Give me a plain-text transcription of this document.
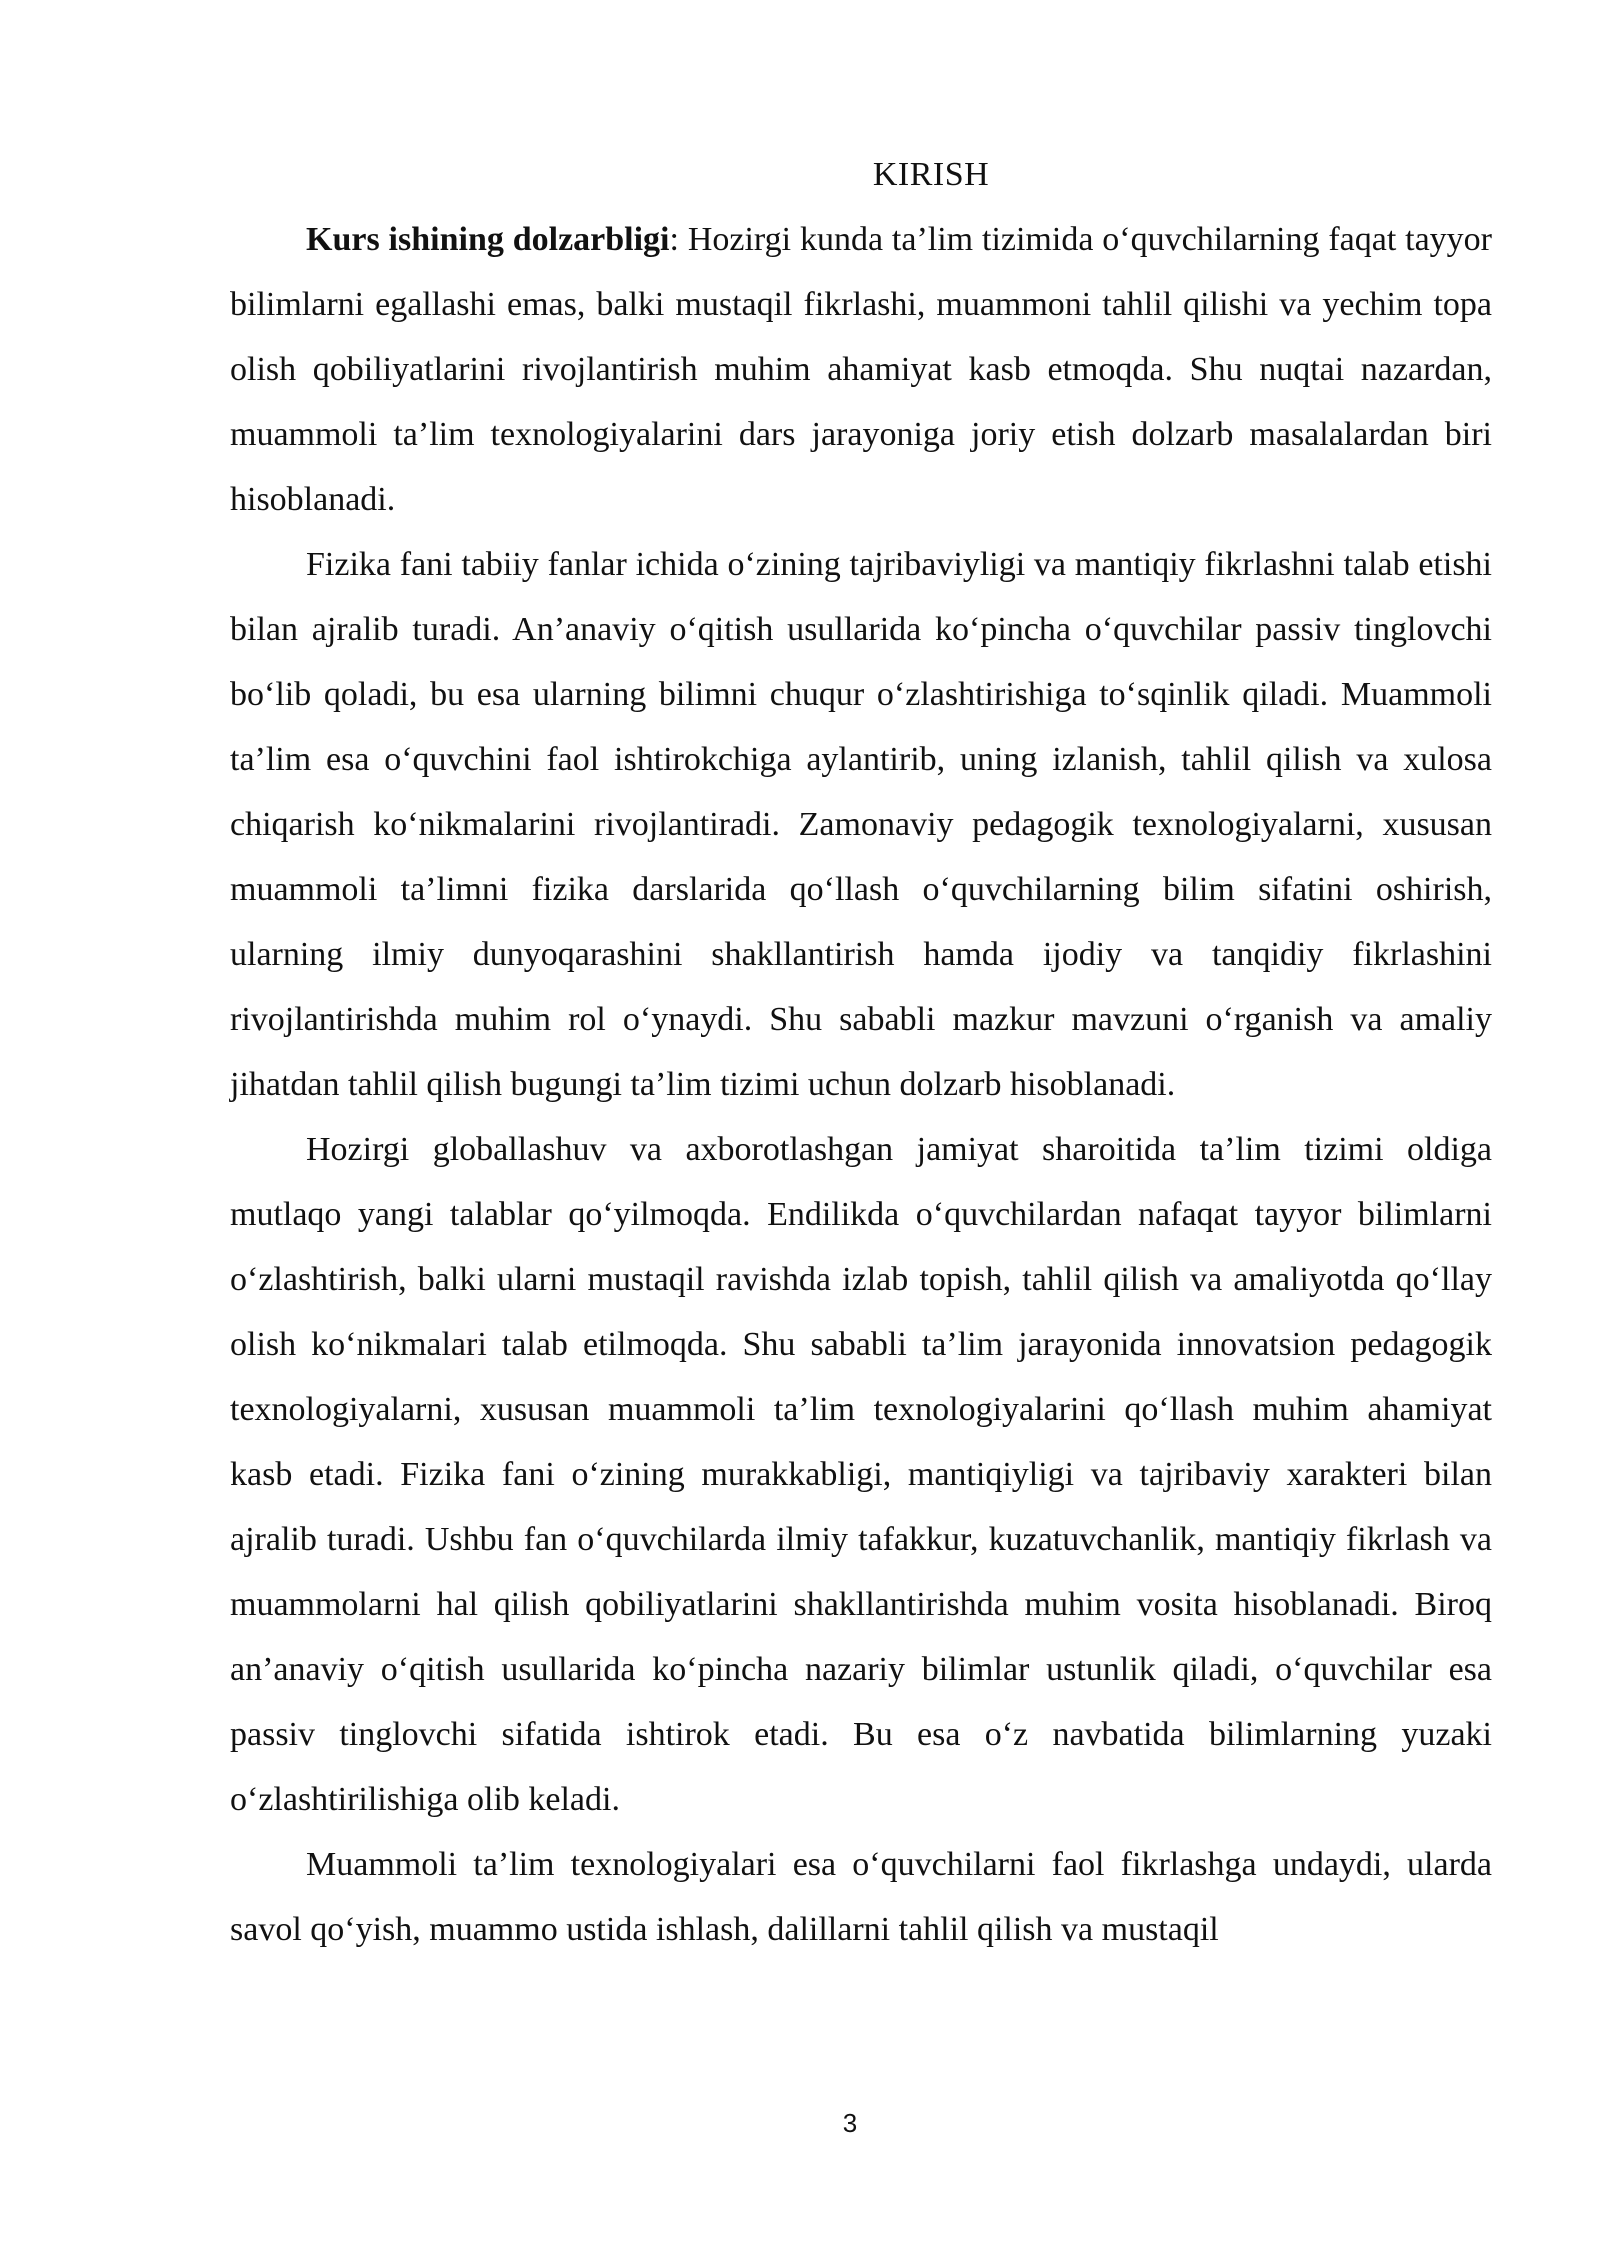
KIRISH

Kurs ishining dolzarbligi: Hozirgi kunda ta’lim tizimida o‘quvchilarning faqat tayyor bilimlarni egallashi emas, balki mustaqil fikrlashi, muammoni tahlil qilishi va yechim topa olish qobiliyatlarini rivojlantirish muhim ahamiyat kasb etmoqda. Shu nuqtai nazardan, muammoli ta’lim texnologiyalarini dars jarayoniga joriy etish dolzarb masalalardan biri hisoblanadi.

Fizika fani tabiiy fanlar ichida o‘zining tajribaviyligi va mantiqiy fikrlashni talab etishi bilan ajralib turadi. An’anaviy o‘qitish usullarida ko‘pincha o‘quvchilar passiv tinglovchi bo‘lib qoladi, bu esa ularning bilimni chuqur o‘zlashtirishiga to‘sqinlik qiladi. Muammoli ta’lim esa o‘quvchini faol ishtirokchiga aylantirib, uning izlanish, tahlil qilish va xulosa chiqarish ko‘nikmalarini rivojlantiradi. Zamonaviy pedagogik texnologiyalarni, xususan muammoli ta’limni fizika darslarida qo‘llash o‘quvchilarning bilim sifatini oshirish, ularning ilmiy dunyoqarashini shakllantirish hamda ijodiy va tanqidiy fikrlashini rivojlantirishda muhim rol o‘ynaydi. Shu sababli mazkur mavzuni o‘rganish va amaliy jihatdan tahlil qilish bugungi ta’lim tizimi uchun dolzarb hisoblanadi.

Hozirgi globallashuv va axborotlashgan jamiyat sharoitida ta’lim tizimi oldiga mutlaqo yangi talablar qo‘yilmoqda. Endilikda o‘quvchilardan nafaqat tayyor bilimlarni o‘zlashtirish, balki ularni mustaqil ravishda izlab topish, tahlil qilish va amaliyotda qo‘llay olish ko‘nikmalari talab etilmoqda. Shu sababli ta’lim jarayonida innovatsion pedagogik texnologiyalarni, xususan muammoli ta’lim texnologiyalarini qo‘llash muhim ahamiyat kasb etadi. Fizika fani o‘zining murakkabligi, mantiqiyligi va tajribaviy xarakteri bilan ajralib turadi. Ushbu fan o‘quvchilarda ilmiy tafakkur, kuzatuvchanlik, mantiqiy fikrlash va muammolarni hal qilish qobiliyatlarini shakllantirishda muhim vosita hisoblanadi. Biroq an’anaviy o‘qitish usullarida ko‘pincha nazariy bilimlar ustunlik qiladi, o‘quvchilar esa passiv tinglovchi sifatida ishtirok etadi. Bu esa o‘z navbatida bilimlarning yuzaki o‘zlashtirilishiga olib keladi.

Muammoli ta’lim texnologiyalari esa o‘quvchilarni faol fikrlashga undaydi, ularda savol qo‘yish, muammo ustida ishlash, dalillarni tahlil qilish va mustaqil

3
